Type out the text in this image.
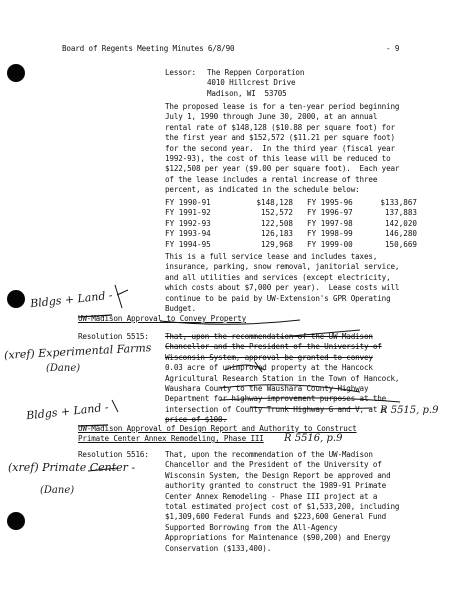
Board of Regents Meeting Minutes 6/8/90	- 9
Lessor: The Reppen Corporation
4010 Hillcrest Drive
Madison, WI  53705
The proposed lease is for a ten-year period beginning
July 1, 1990 through June 30, 2000, at an annual
rental rate of $148,128 ($10.88 per square foot) for
the first year and $152,572 ($11.21 per square foot)
for the second year.  In the third year (fiscal year
1992-93), the cost of this lease will be reduced to
$122,508 per year ($9.00 per square foot).  Each year
of the lease includes a rental increase of three
percent, as indicated in the schedule below:
FY 1990-91	$148,128	FY 1995-96	$133,867
FY 1991-92	152,572	FY 1996-97	137,883
FY 1992-93	122,508	FY 1997-98	142,020
FY 1993-94	126,183	FY 1998-99	146,280
FY 1994-95	129,968	FY 1999-00	150,669
This is a full service lease and includes taxes,
insurance, parking, snow removal, janitorial service,
and all utilities and services (except electricity,
which costs about $7,000 per year).  Lease costs will
continue to be paid by UW-Extension's GPR Operating
Budget.
UW-Madison Approval to Convey Property
Resolution 5515: That, upon the recommendation of the UW-Madison
Chancellor and the President of the University of
Wisconsin System, approval be granted to convey
0.03 acre of unimproved property at the Hancock
Agricultural Research Station in the Town of Hancock,
Waushara County to the Waushara County Highway
Department for highway improvement purposes at the
intersection of County Trunk Highway G and V, at a
price of $100.
UW-Madison Approval of Design Report and Authority to Construct
Primate Center Annex Remodeling, Phase III
Resolution 5516: That, upon the recommendation of the UW-Madison
Chancellor and the President of the University of
Wisconsin System, the Design Report be approved and
authority granted to construct the 1989-91 Primate
Center Annex Remodeling - Phase III project at a
total estimated project cost of $1,533,200, including
$1,309,600 Federal Funds and $223,600 General Fund
Supported Borrowing from the All-Agency
Appropriations for Maintenance ($90,200) and Energy
Conservation ($133,400).
Bldgs + Land -
(xref) Experimental Farms
(Dane)
Bldgs + Land -	R 5515, p.9
R 5516, p.9
(xref) Primate Center -
(Dane)
